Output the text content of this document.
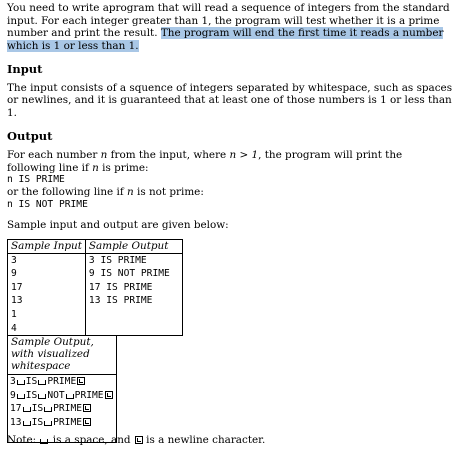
You need to write aprogram that will read a sequence of integers from the standard input. For each integer greater than 1, the program will test whether it is a prime number and print the result. The program will end the first time it reads a number which is 1 or less than 1.

Input

The input consists of a squence of integers separated by whitespace, such as spaces or newlines, and it is guaranteed that at least one of those numbers is 1 or less than 1.

Output

For each number n from the input, where n > 1, the program will print the following line if n is prime:

n IS PRIME

or the following line if n is not prime:

n IS NOT PRIME

Sample input and output are given below:

Sample Input
3
9
17
13
1
4

Sample Output
3 IS PRIME
9 IS NOT PRIME
17 IS PRIME
13 IS PRIME
Sample Output, with visualized whitespace
3 IS PRIME
9 IS NOT PRIME
17 IS PRIME
13 IS PRIME

Note:  is a space, and  is a newline character.
